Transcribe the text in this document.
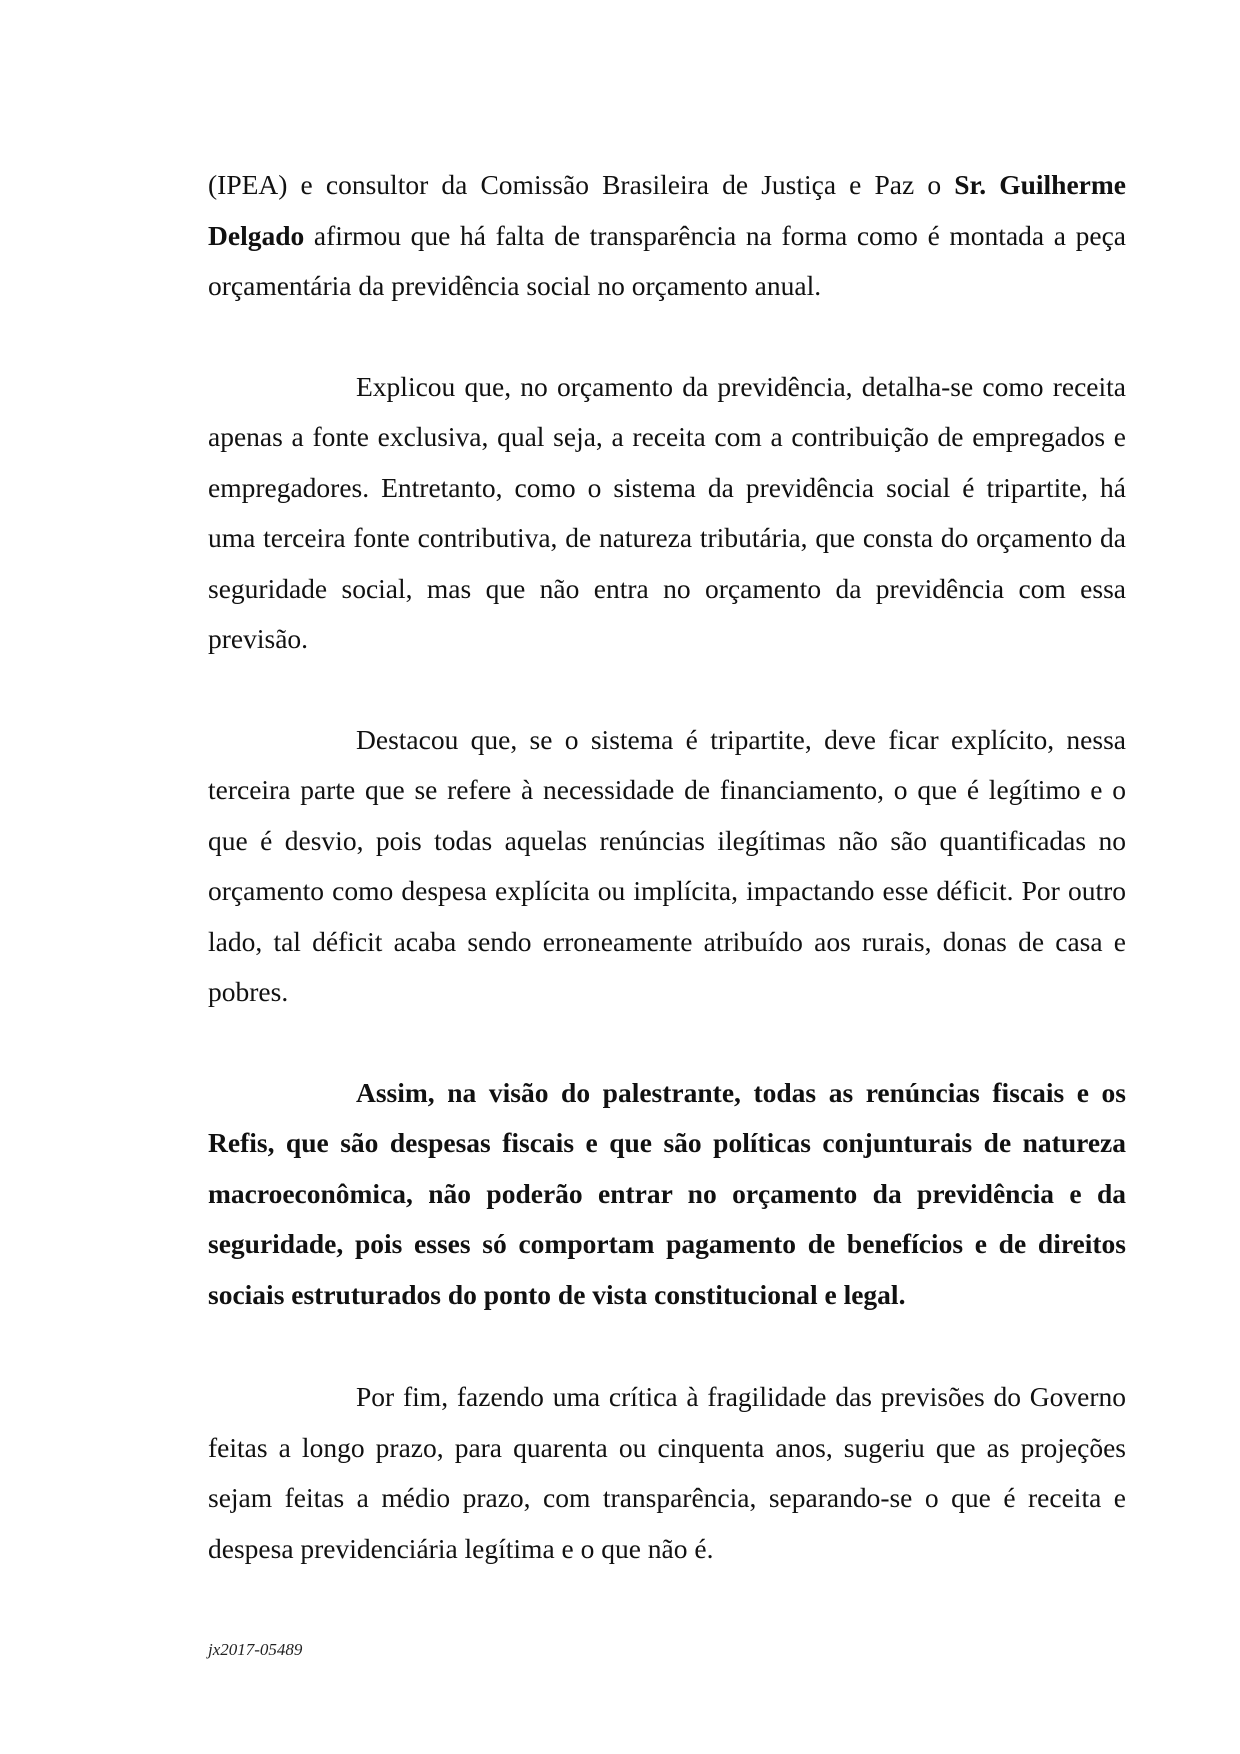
(IPEA) e consultor da Comissão Brasileira de Justiça e Paz o Sr. Guilherme Delgado afirmou que há falta de transparência na forma como é montada a peça orçamentária da previdência social no orçamento anual.

Explicou que, no orçamento da previdência, detalha-se como receita apenas a fonte exclusiva, qual seja, a receita com a contribuição de empregados e empregadores. Entretanto, como o sistema da previdência social é tripartite, há uma terceira fonte contributiva, de natureza tributária, que consta do orçamento da seguridade social, mas que não entra no orçamento da previdência com essa previsão.

Destacou que, se o sistema é tripartite, deve ficar explícito, nessa terceira parte que se refere à necessidade de financiamento, o que é legítimo e o que é desvio, pois todas aquelas renúncias ilegítimas não são quantificadas no orçamento como despesa explícita ou implícita, impactando esse déficit. Por outro lado, tal déficit acaba sendo erroneamente atribuído aos rurais, donas de casa e pobres.

Assim, na visão do palestrante, todas as renúncias fiscais e os Refis, que são despesas fiscais e que são políticas conjunturais de natureza macroeconômica, não poderão entrar no orçamento da previdência e da seguridade, pois esses só comportam pagamento de benefícios e de direitos sociais estruturados do ponto de vista constitucional e legal.

Por fim, fazendo uma crítica à fragilidade das previsões do Governo feitas a longo prazo, para quarenta ou cinquenta anos, sugeriu que as projeções sejam feitas a médio prazo, com transparência, separando-se o que é receita e despesa previdenciária legítima e o que não é.

jx2017-05489
